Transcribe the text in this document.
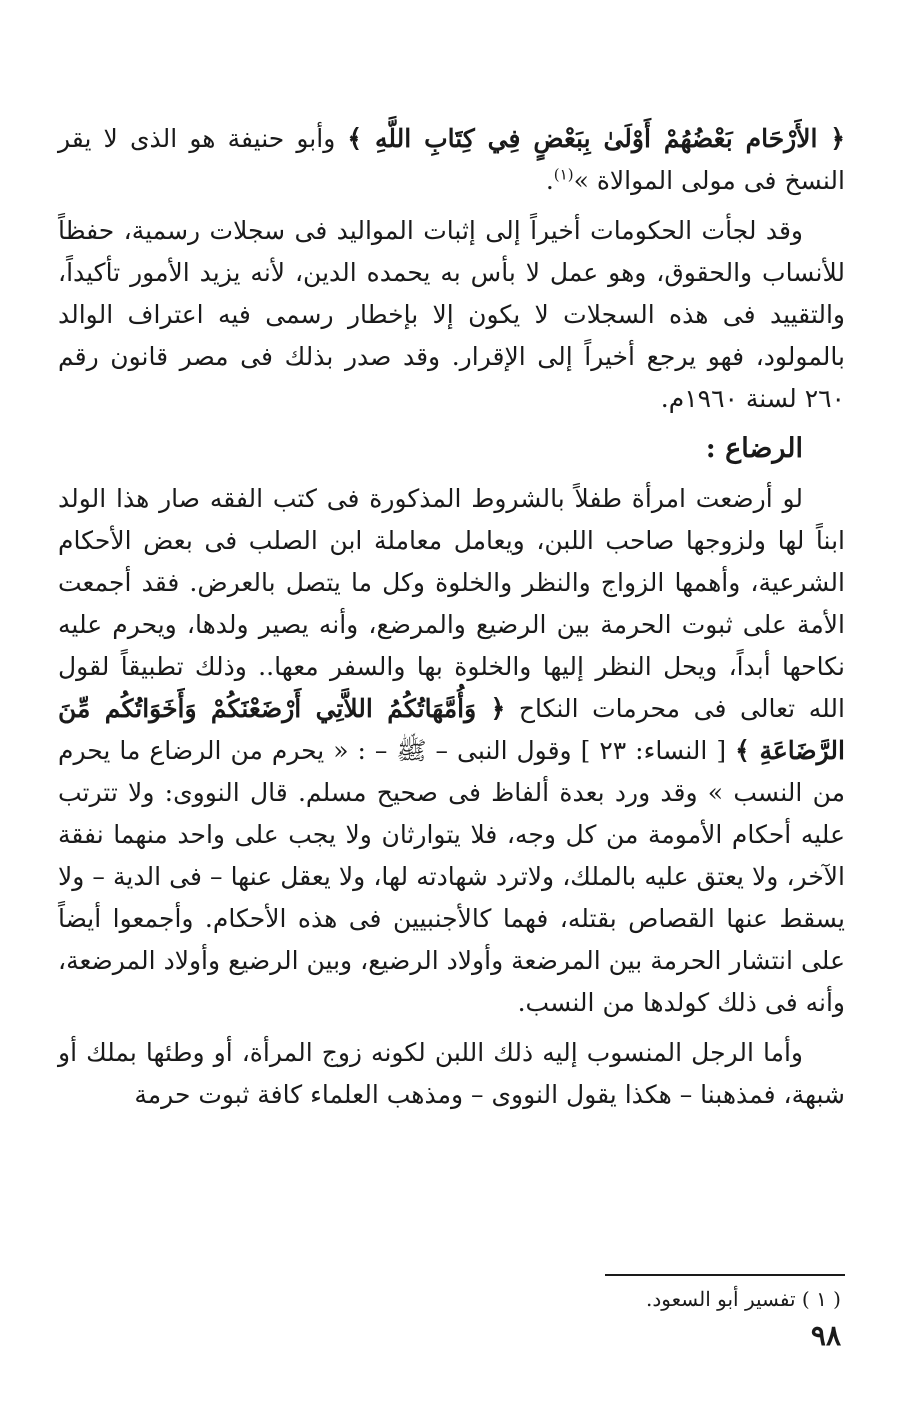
﴿ الأَرْحَام بَعْضُهُمْ أَوْلَىٰ بِبَعْضٍ فِي كِتَابِ اللَّهِ ﴾ وأبو حنيفة هو الذى لا يقر النسخ فى مولى الموالاة »$^{(١)}$.

وقد لجأت الحكومات أخيراً إلى إثبات المواليد فى سجلات رسمية، حفظاً للأنساب والحقوق، وهو عمل لا بأس به يحمده الدين، لأنه يزيد الأمور تأكيداً، والتقييد فى هذه السجلات لا يكون إلا بإخطار رسمى فيه اعتراف الوالد بالمولود، فهو يرجع أخيراً إلى الإقرار. وقد صدر بذلك فى مصر قانون رقم ٢٦٠ لسنة ١٩٦٠م.

الرضاع :

لو أرضعت امرأة طفلاً بالشروط المذكورة فى كتب الفقه صار هذا الولد ابناً لها ولزوجها صاحب اللبن، ويعامل معاملة ابن الصلب فى بعض الأحكام الشرعية، وأهمها الزواج والنظر والخلوة وكل ما يتصل بالعرض. فقد أجمعت الأمة على ثبوت الحرمة بين الرضيع والمرضع، وأنه يصير ولدها، ويحرم عليه نكاحها أبداً، ويحل النظر إليها والخلوة بها والسفر معها.. وذلك تطبيقاً لقول الله تعالى فى محرمات النكاح ﴿ وَأُمَّهَاتُكُمُ اللاَّتِي أَرْضَعْنَكُمْ وَأَخَوَاتُكُم مِّنَ الرَّضَاعَةِ ﴾ [ النساء: ٢٣ ] وقول النبى – ﷺ – : « يحرم من الرضاع ما يحرم من النسب » وقد ورد بعدة ألفاظ فى صحيح مسلم. قال النووى: ولا تترتب عليه أحكام الأمومة من كل وجه، فلا يتوارثان ولا يجب على واحد منهما نفقة الآخر، ولا يعتق عليه بالملك، ولاترد شهادته لها، ولا يعقل عنها – فى الدية – ولا يسقط عنها القصاص بقتله، فهما كالأجنبيين فى هذه الأحكام. وأجمعوا أيضاً على انتشار الحرمة بين المرضعة وأولاد الرضيع، وبين الرضيع وأولاد المرضعة، وأنه فى ذلك كولدها من النسب.

وأما الرجل المنسوب إليه ذلك اللبن لكونه زوج المرأة، أو وطئها بملك أو شبهة، فمذهبنا – هكذا يقول النووى – ومذهب العلماء كافة ثبوت حرمة

( ١ ) تفسير أبو السعود.
٩٨
